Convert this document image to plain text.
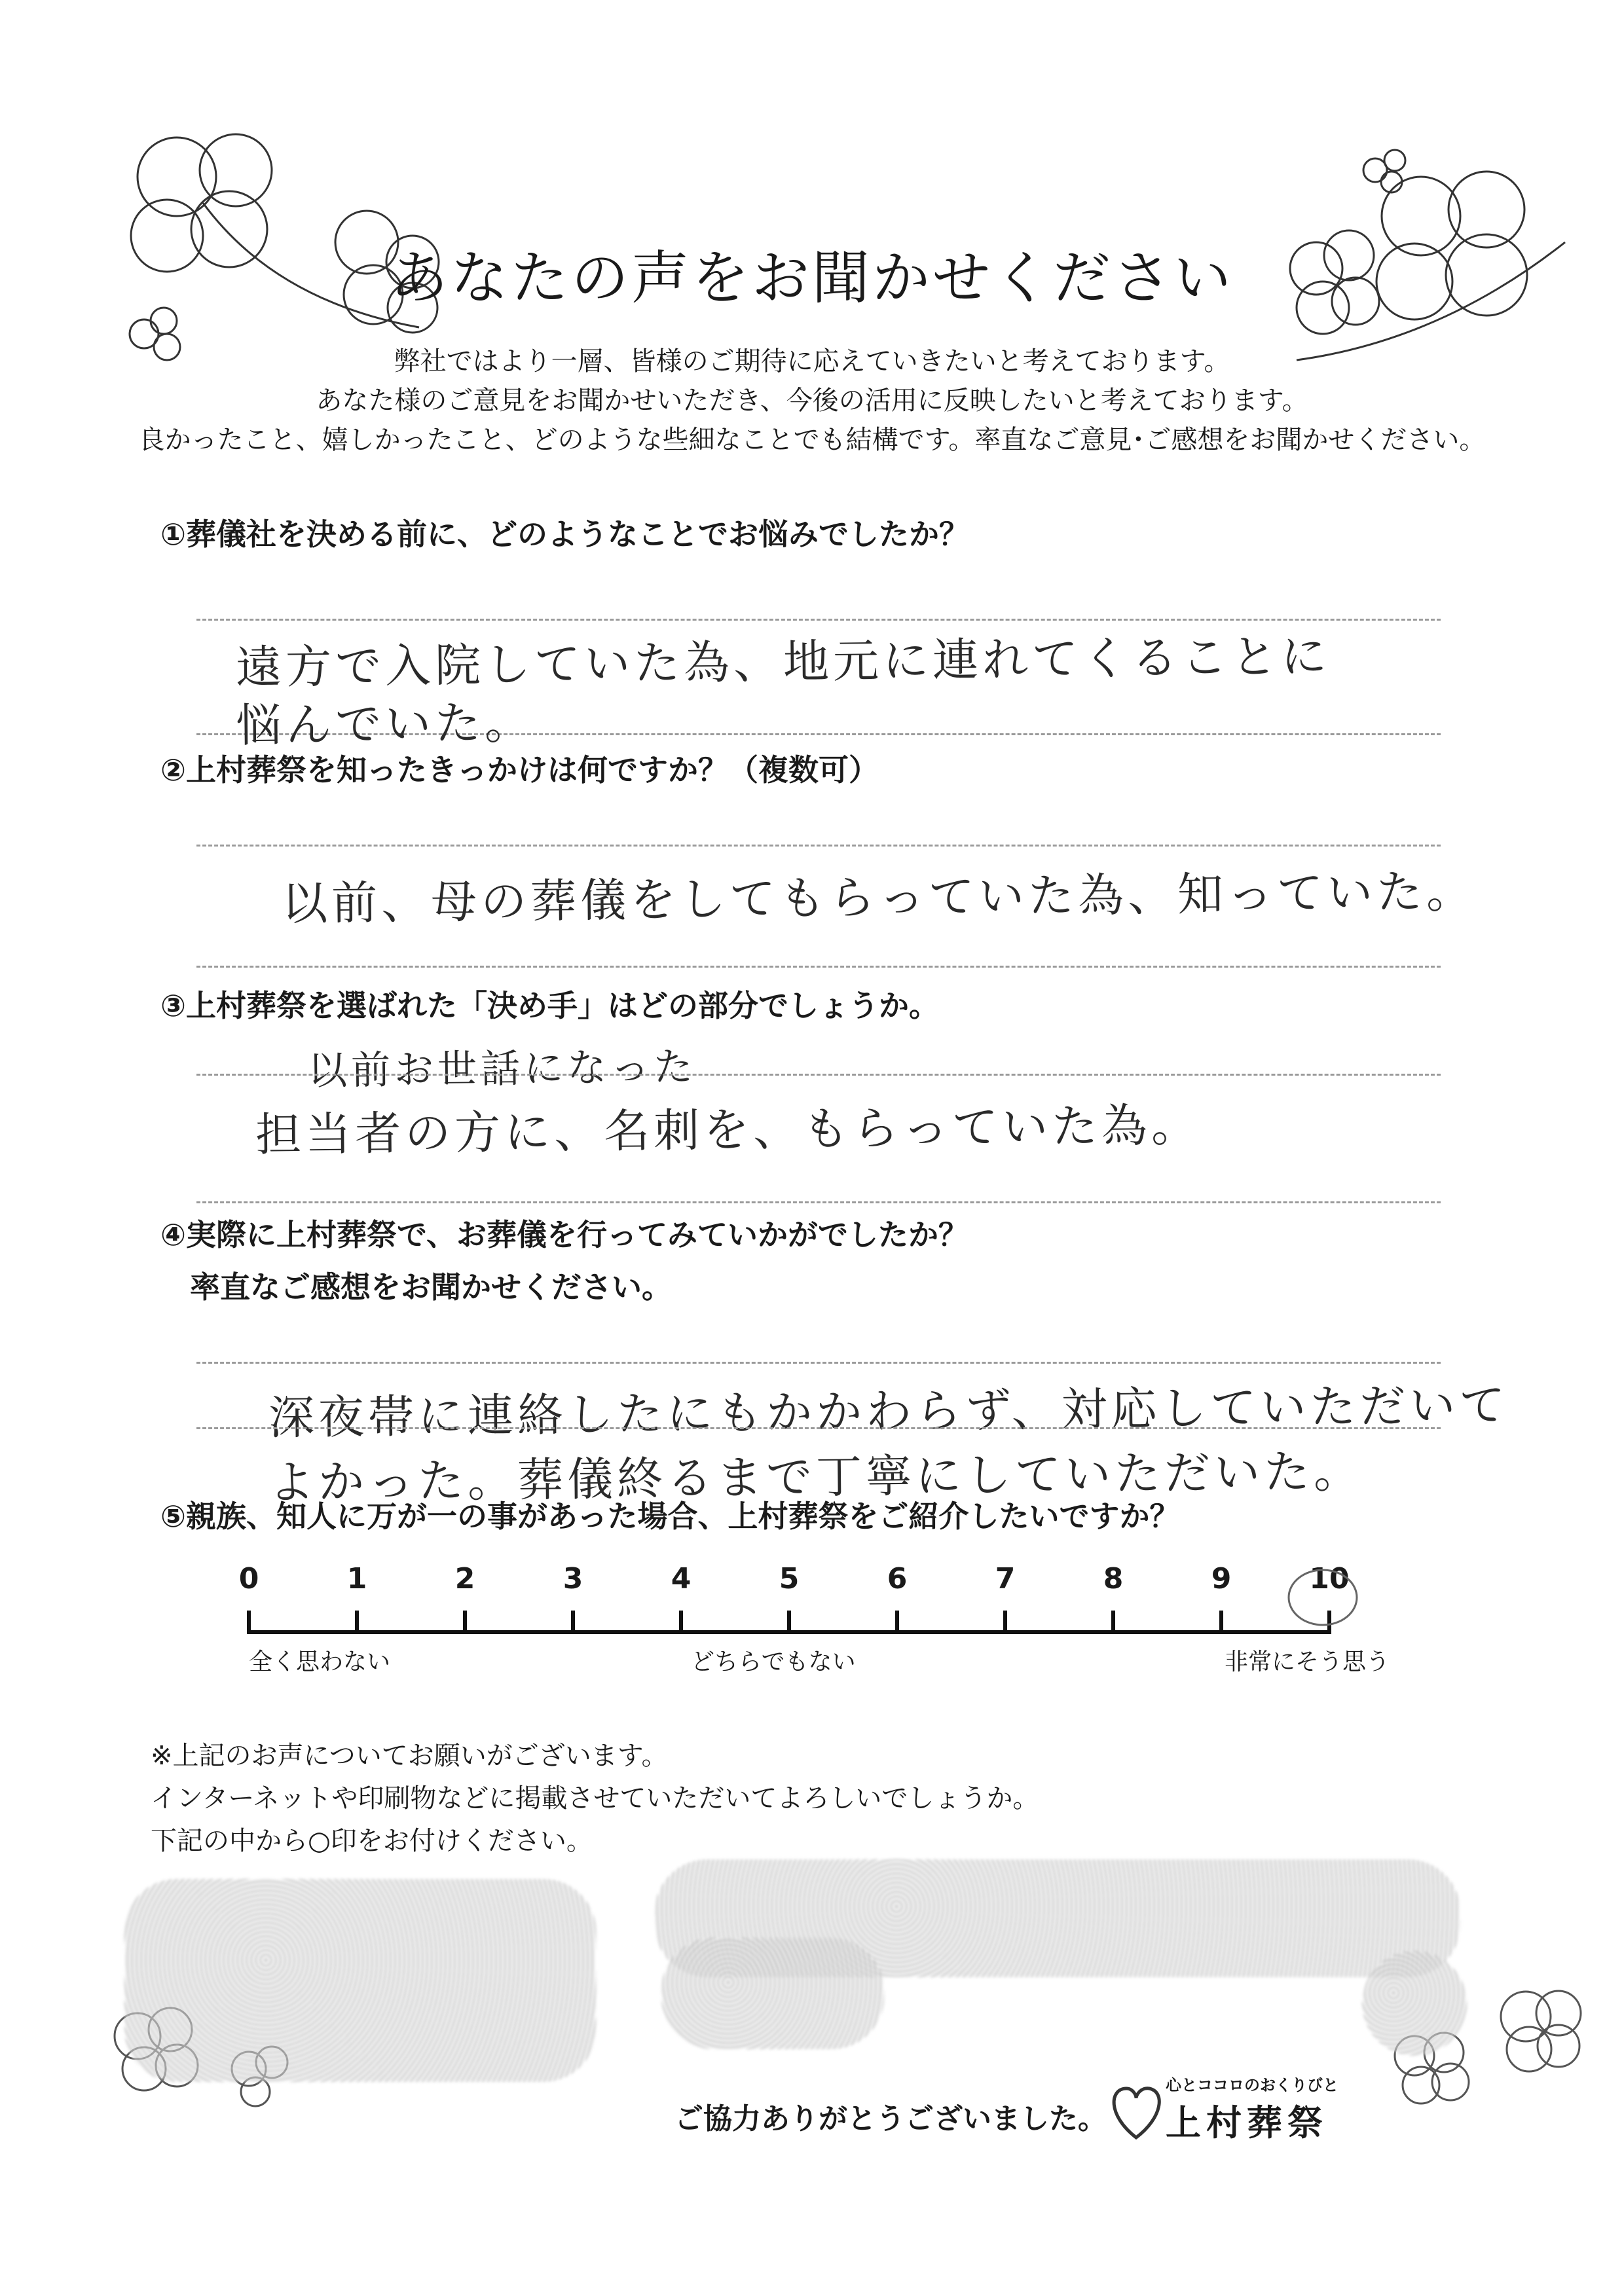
あなたの声をお聞かせください
弊社ではより一層、皆様のご期待に応えていきたいと考えております。
あなた様のご意見をお聞かせいただき、今後の活用に反映したいと考えております。
良かったこと、嬉しかったこと、どのような些細なことでも結構です。率直なご意見･ご感想をお聞かせください。
①葬儀社を決める前に、どのようなことでお悩みでしたか？
遠方で入院していた為、地元に連れてくることに
悩んでいた。
②上村葬祭を知ったきっかけは何ですか？（複数可）
以前、母の葬儀をしてもらっていた為、知っていた。
③上村葬祭を選ばれた「決め手」はどの部分でしょうか。
以前お世話になった
担当者の方に、名刺を、もらっていた為。
④実際に上村葬祭で、お葬儀を行ってみていかがでしたか？
率直なご感想をお聞かせください。
深夜帯に連絡したにもかかわらず、対応していただいて
よかった。葬儀終るまで丁寧にしていただいた。
⑤親族、知人に万が一の事があった場合、上村葬祭をご紹介したいですか？
0	1	2	3	4	5	6	7	8	9	10
全く思わない	どちらでもない	非常にそう思う
※上記のお声についてお願いがございます。
インターネットや印刷物などに掲載させていただいてよろしいでしょうか。
下記の中から○印をお付けください。
ご協力ありがとうございました。
心とココロのおくりびと
上村葬祭
